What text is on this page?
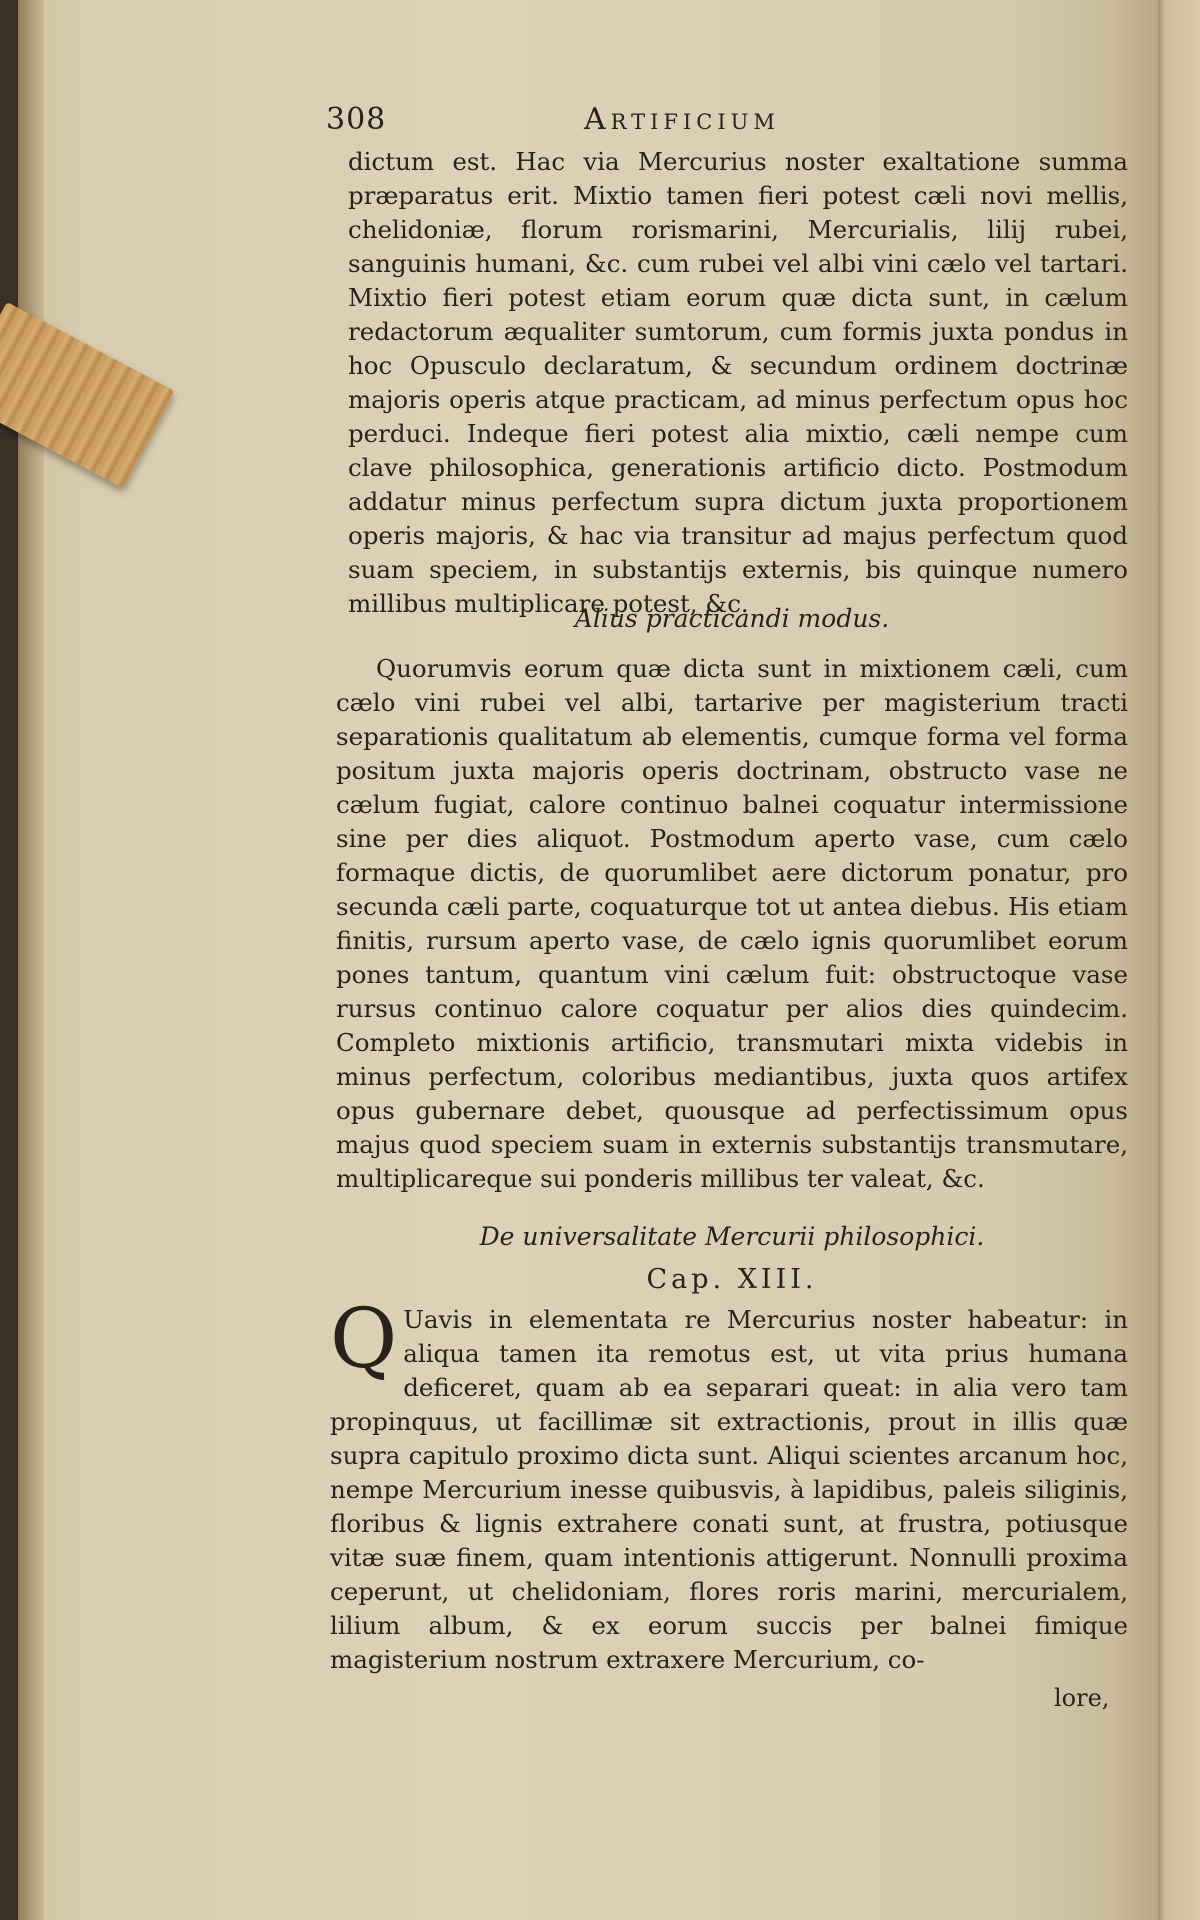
308	Artificium

dictum est. Hac via Mercurius noster exaltatione summa præparatus erit. Mixtio tamen fieri potest cæli novi mellis, chelidoniæ, florum rorismarini, Mercurialis, lilij rubei, sanguinis humani, &c. cum rubei vel albi vini cælo vel tartari. Mixtio fieri potest etiam eorum quæ dicta sunt, in cælum redactorum æqualiter sumtorum, cum formis juxta pondus in hoc Opusculo declaratum, & secundum ordinem doctrinæ majoris operis atque practicam, ad minus perfectum opus hoc perduci. Indeque fieri potest alia mixtio, cæli nempe cum clave philosophica, generationis artificio dicto. Postmodum addatur minus perfectum supra dictum juxta proportionem operis majoris, & hac via transitur ad majus perfectum quod suam speciem, in substantijs externis, bis quinque numero millibus multiplicare potest, &c.

Alius practicandi modus.

Quorumvis eorum quæ dicta sunt in mixtionem cæli, cum cælo vini rubei vel albi, tartarive per magisterium tracti separationis qualitatum ab elementis, cumque forma vel forma positum juxta majoris operis doctrinam, obstructo vase ne cælum fugiat, calore continuo balnei coquatur intermissione sine per dies aliquot. Postmodum aperto vase, cum cælo formaque dictis, de quorumlibet aere dictorum ponatur, pro secunda cæli parte, coquaturque tot ut antea diebus. His etiam finitis, rursum aperto vase, de cælo ignis quorumlibet eorum pones tantum, quantum vini cælum fuit: obstructoque vase rursus continuo calore coquatur per alios dies quindecim. Completo mixtionis artificio, transmutari mixta videbis in minus perfectum, coloribus mediantibus, juxta quos artifex opus gubernare debet, quousque ad perfectissimum opus majus quod speciem suam in externis substantijs transmutare, multiplicareque sui ponderis millibus ter valeat, &c.

De universalitate Mercurii philosophici.

Cap. XIII.

Q Uavis in elementata re Mercurius noster habeatur: in aliqua tamen ita remotus est, ut vita prius humana deficeret, quam ab ea separari queat: in alia vero tam propinquus, ut facillimæ sit extractionis, prout in illis quæ supra capitulo proximo dicta sunt. Aliqui scientes arcanum hoc, nempe Mercurium inesse quibusvis, à lapidibus, paleis siliginis, floribus & lignis extrahere conati sunt, at frustra, potiusque vitæ suæ finem, quam intentionis attigerunt. Nonnulli proxima ceperunt, ut chelidoniam, flores roris marini, mercurialem, lilium album, & ex eorum succis per balnei fimique magisterium nostrum extraxere Mercurium, co-
lore,
